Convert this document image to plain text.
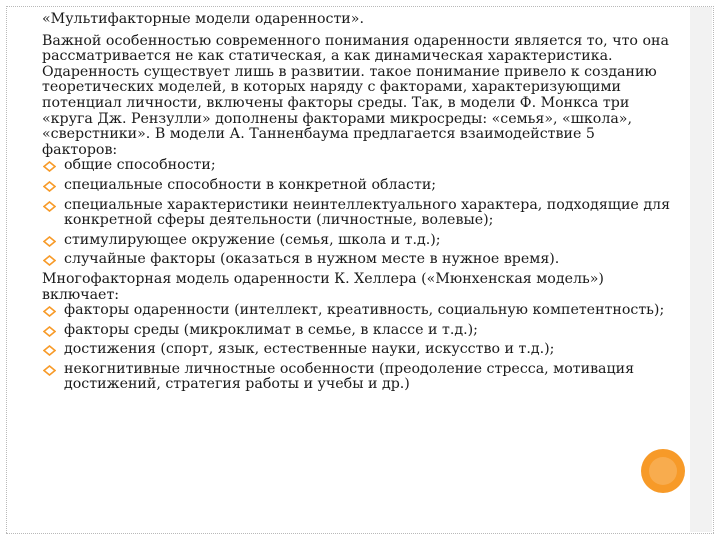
«Мультифакторные модели одаренности».

Важной особенностью современного понимания одаренности является то, что она рассматривается не как статическая, а как динамическая характеристика. Одаренность существует лишь в развитии. такое понимание привело к созданию теоретических моделей, в которых наряду с факторами, характеризующими потенциал личности, включены факторы среды. Так, в модели Ф. Монкса три «круга Дж. Рензулли» дополнены факторами микросреды: «семья», «школа», «сверстники». В модели А. Танненбаума предлагается взаимодействие 5 факторов:

общие способности;
специальные способности в конкретной области;
специальные характеристики неинтеллектуального характера, подходящие для конкретной сферы деятельности (личностные, волевые);
стимулирующее окружение (семья, школа и т.д.);
случайные факторы (оказаться в нужном месте в нужное время).

Многофакторная модель одаренности К. Хеллера («Мюнхенская модель») включает:

факторы одаренности (интеллект, креативность, социальную компетентность);
факторы среды (микроклимат в семье, в классе и т.д.);
достижения (спорт, язык, естественные науки, искусство и т.д.);
некогнитивные личностные особенности (преодоление стресса, мотивация достижений, стратегия работы и учебы и др.)
